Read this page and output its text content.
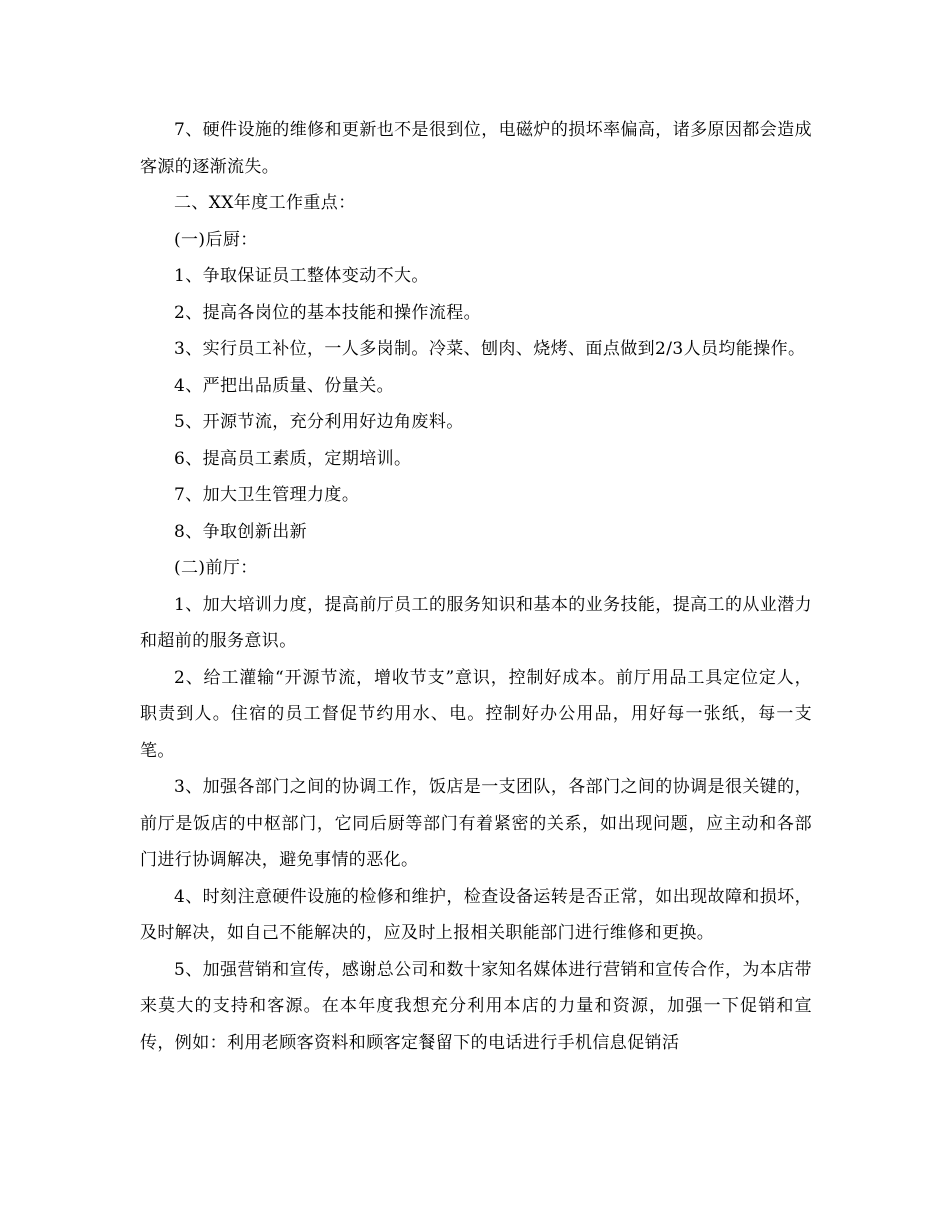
7、硬件设施的维修和更新也不是很到位，电磁炉的损坏率偏高，诸多原因都会造成客源的逐渐流失。

二、XX年度工作重点：

(一)后厨：

1、争取保证员工整体变动不大。

2、提高各岗位的基本技能和操作流程。

3、实行员工补位，一人多岗制。冷菜、刨肉、烧烤、面点做到2/3人员均能操作。

4、严把出品质量、份量关。

5、开源节流，充分利用好边角废料。

6、提高员工素质，定期培训。

7、加大卫生管理力度。

8、争取创新出新

(二)前厅：

1、加大培训力度，提高前厅员工的服务知识和基本的业务技能，提高工的从业潜力和超前的服务意识。

2、给工灌输“开源节流，增收节支”意识，控制好成本。前厅用品工具定位定人，职责到人。住宿的员工督促节约用水、电。控制好办公用品，用好每一张纸，每一支笔。

3、加强各部门之间的协调工作，饭店是一支团队，各部门之间的协调是很关键的，前厅是饭店的中枢部门，它同后厨等部门有着紧密的关系，如出现问题，应主动和各部门进行协调解决，避免事情的恶化。

4、时刻注意硬件设施的检修和维护，检查设备运转是否正常，如出现故障和损坏，及时解决，如自己不能解决的，应及时上报相关职能部门进行维修和更换。

5、加强营销和宣传，感谢总公司和数十家知名媒体进行营销和宣传合作，为本店带来莫大的支持和客源。在本年度我想充分利用本店的力量和资源，加强一下促销和宣传，例如：利用老顾客资料和顾客定餐留下的电话进行手机信息促销活
